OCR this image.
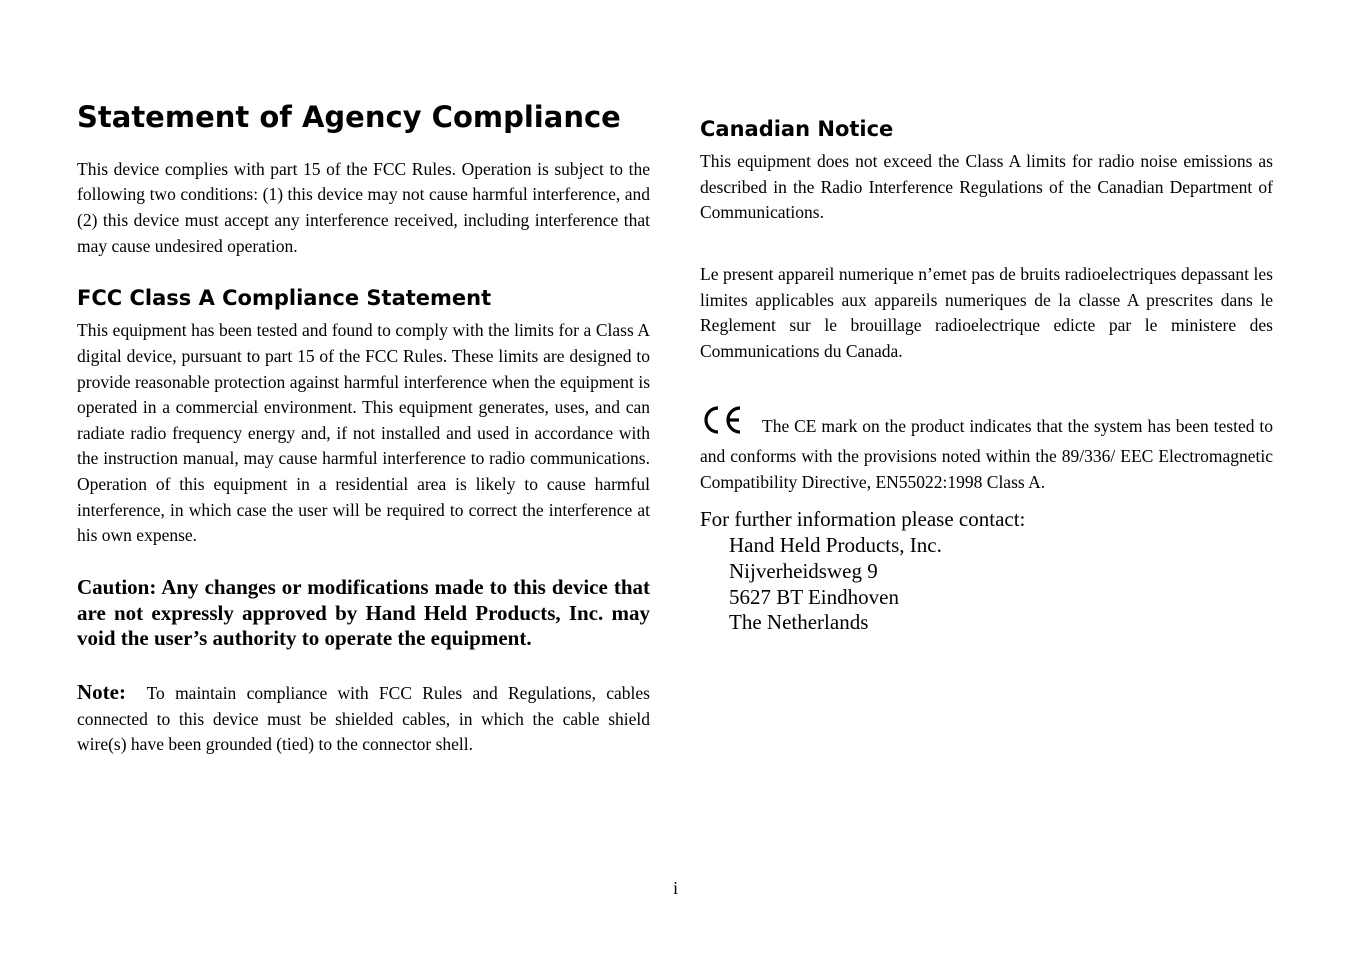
Statement of Agency Compliance

This device complies with part 15 of the FCC Rules. Operation is subject to the following two conditions: (1) this device may not cause harmful interference, and (2) this device must accept any interference received, including interference that may cause undesired operation.

FCC Class A Compliance Statement

This equipment has been tested and found to comply with the limits for a Class A digital device, pursuant to part 15 of the FCC Rules. These limits are designed to provide reasonable protection against harmful interference when the equipment is operated in a commercial environment. This equipment generates, uses, and can radiate radio frequency energy and, if not installed and used in accordance with the instruction manual, may cause harmful interference to radio communications. Operation of this equipment in a residential area is likely to cause harmful interference, in which case the user will be required to correct the interference at his own expense.

Caution: Any changes or modifications made to this device that are not expressly approved by Hand Held Products, Inc. may void the user’s authority to operate the equipment.

Note: To maintain compliance with FCC Rules and Regulations, cables connected to this device must be shielded cables, in which the cable shield wire(s) have been grounded (tied) to the connector shell.

Canadian Notice

This equipment does not exceed the Class A limits for radio noise emissions as described in the Radio Interference Regulations of the Canadian Department of Communications.

Le present appareil numerique n’emet pas de bruits radioelectriques depassant les limites applicables aux appareils numeriques de la classe A prescrites dans le Reglement sur le brouillage radioelectrique edicte par le ministere des Communications du Canada.

The CE mark on the product indicates that the system has been tested to and conforms with the provisions noted within the 89/336/ EEC Electromagnetic Compatibility Directive, EN55022:1998 Class A.

For further information please contact:
Hand Held Products, Inc.
Nijverheidsweg 9
5627 BT Eindhoven
The Netherlands
i
